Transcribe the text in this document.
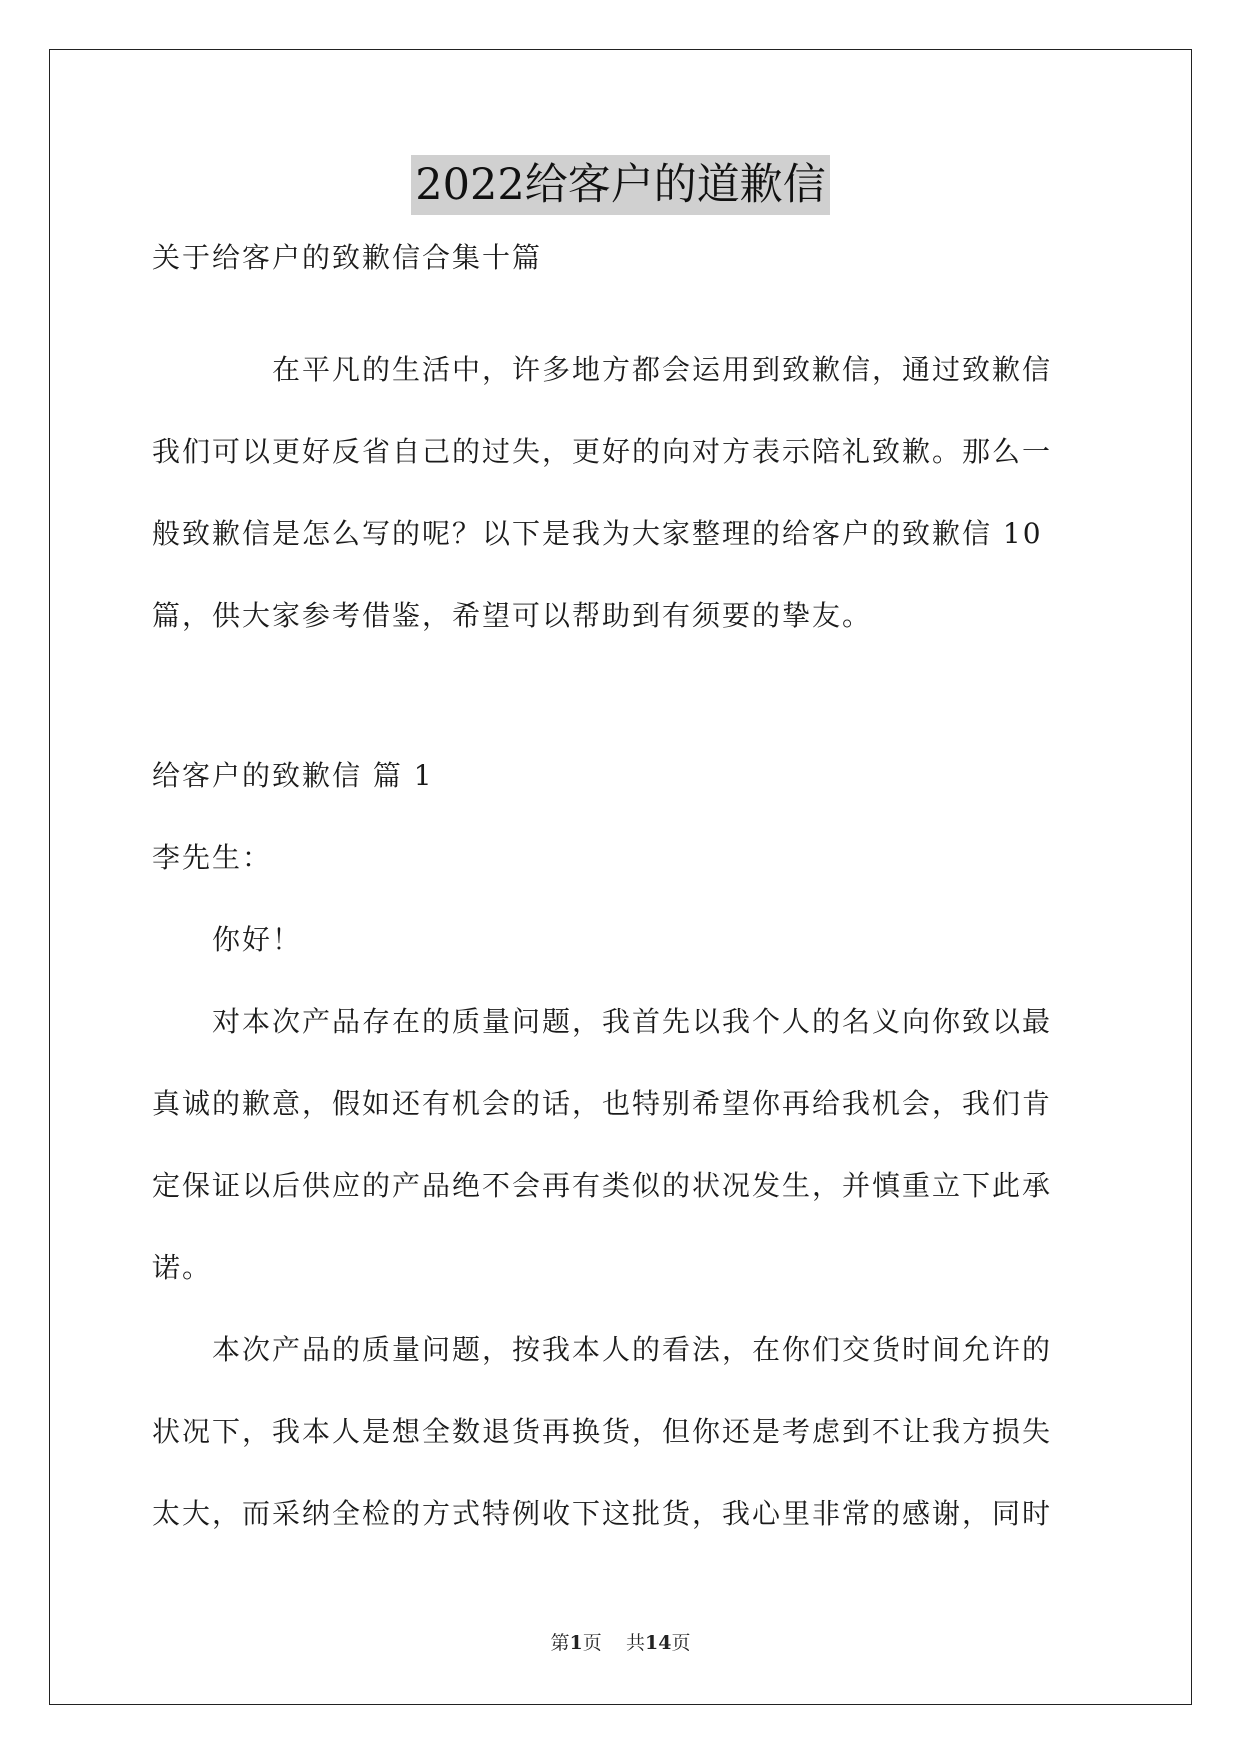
2022给客户的道歉信
关于给客户的致歉信合集十篇
　　　　在平凡的生活中，许多地方都会运用到致歉信，通过致歉信
我们可以更好反省自己的过失，更好的向对方表示陪礼致歉。那么一
般致歉信是怎么写的呢？以下是我为大家整理的给客户的致歉信 10
篇，供大家参考借鉴，希望可以帮助到有须要的挚友。
给客户的致歉信 篇 1
李先生：
　　你好！
　　对本次产品存在的质量问题，我首先以我个人的名义向你致以最
真诚的歉意，假如还有机会的话，也特别希望你再给我机会，我们肯
定保证以后供应的产品绝不会再有类似的状况发生，并慎重立下此承
诺。
　　本次产品的质量问题，按我本人的看法，在你们交货时间允许的
状况下，我本人是想全数退货再换货，但你还是考虑到不让我方损失
太大，而采纳全检的方式特例收下这批货，我心里非常的感谢，同时
第1页 共14页
